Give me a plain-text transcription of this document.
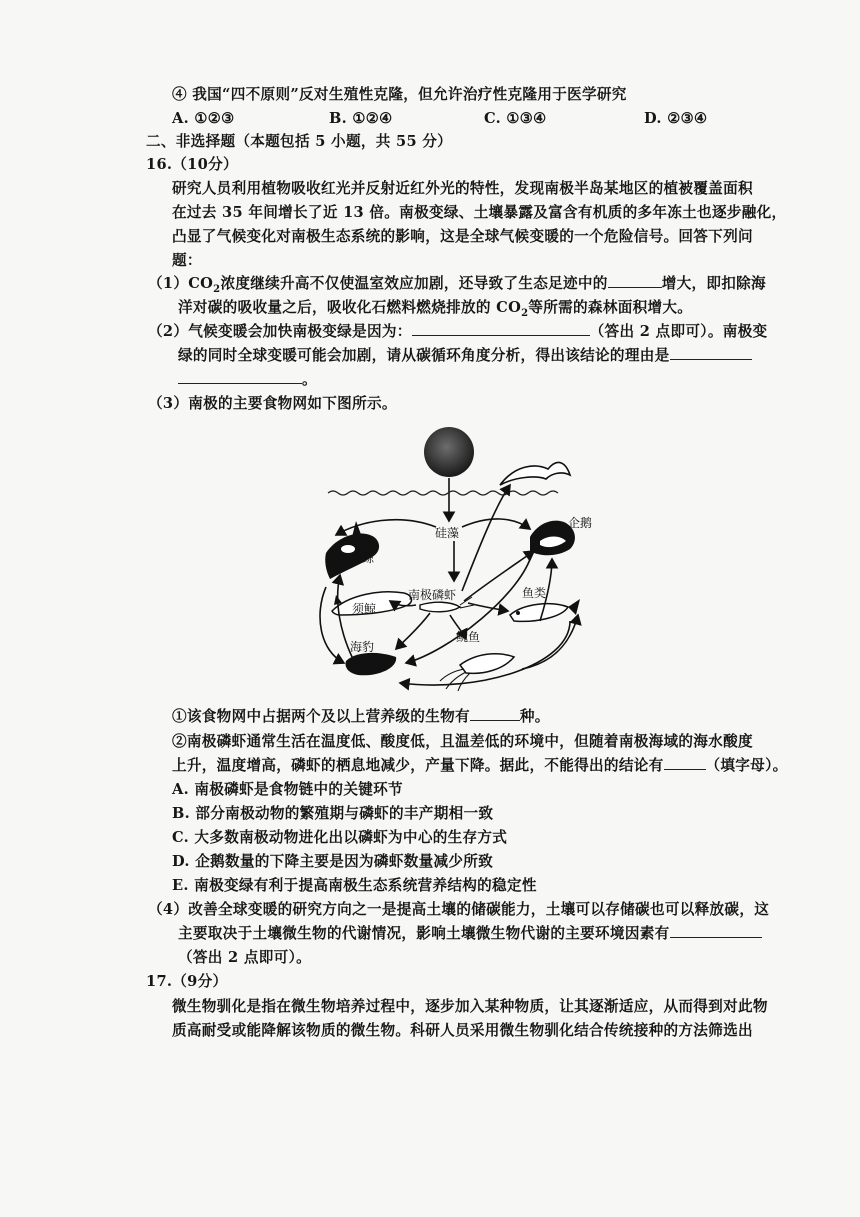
④ 我国“四不原则”反对生殖性克隆，但允许治疗性克隆用于医学研究
A. ①②③	B. ①②④	C. ①③④	D. ②③④
二、非选择题（本题包括 5 小题，共 55 分）
16.（10分）
研究人员利用植物吸收红光并反射近红外光的特性，发现南极半岛某地区的植被覆盖面积
在过去 35 年间增长了近 13 倍。南极变绿、土壤暴露及富含有机质的多年冻土也逐步融化，
凸显了气候变化对南极生态系统的影响，这是全球气候变暖的一个危险信号。回答下列问
题：
$(1)CO_2$浓度继续升高不仅使温室效应加剧，还导致了生态足迹中的	增大，即扣除海
洋对碳的吸收量之后，吸收化石燃料燃烧排放的 $CO_2$等所需的森林面积增大。
（2）气候变暖会加快南极变绿是因为：	（答出 2 点即可）。南极变
绿的同时全球变暖可能会加剧，请从碳循环角度分析，得出该结论的理由是
。
（3）南极的主要食物网如下图所示。
企鹅
硅藻
齿鲸
须鲸
南极磷虾	鱼类
鱿鱼
海豹
①该食物网中占据两个及以上营养级的生物有	种。
②南极磷虾通常生活在温度低、酸度低，且温差低的环境中，但随着南极海域的海水酸度
上升，温度增高，磷虾的栖息地减少，产量下降。据此，不能得出的结论有	（填字母）。
A. 南极磷虾是食物链中的关键环节
B. 部分南极动物的繁殖期与磷虾的丰产期相一致
C. 大多数南极动物进化出以磷虾为中心的生存方式
D. 企鹅数量的下降主要是因为磷虾数量减少所致
E. 南极变绿有利于提高南极生态系统营养结构的稳定性
（4）改善全球变暖的研究方向之一是提高土壤的储碳能力，土壤可以存储碳也可以释放碳，这
主要取决于土壤微生物的代谢情况，影响土壤微生物代谢的主要环境因素有
（答出 2 点即可）。
17.（9分）
微生物驯化是指在微生物培养过程中，逐步加入某种物质，让其逐渐适应，从而得到对此物
质高耐受或能降解该物质的微生物。科研人员采用微生物驯化结合传统接种的方法筛选出
